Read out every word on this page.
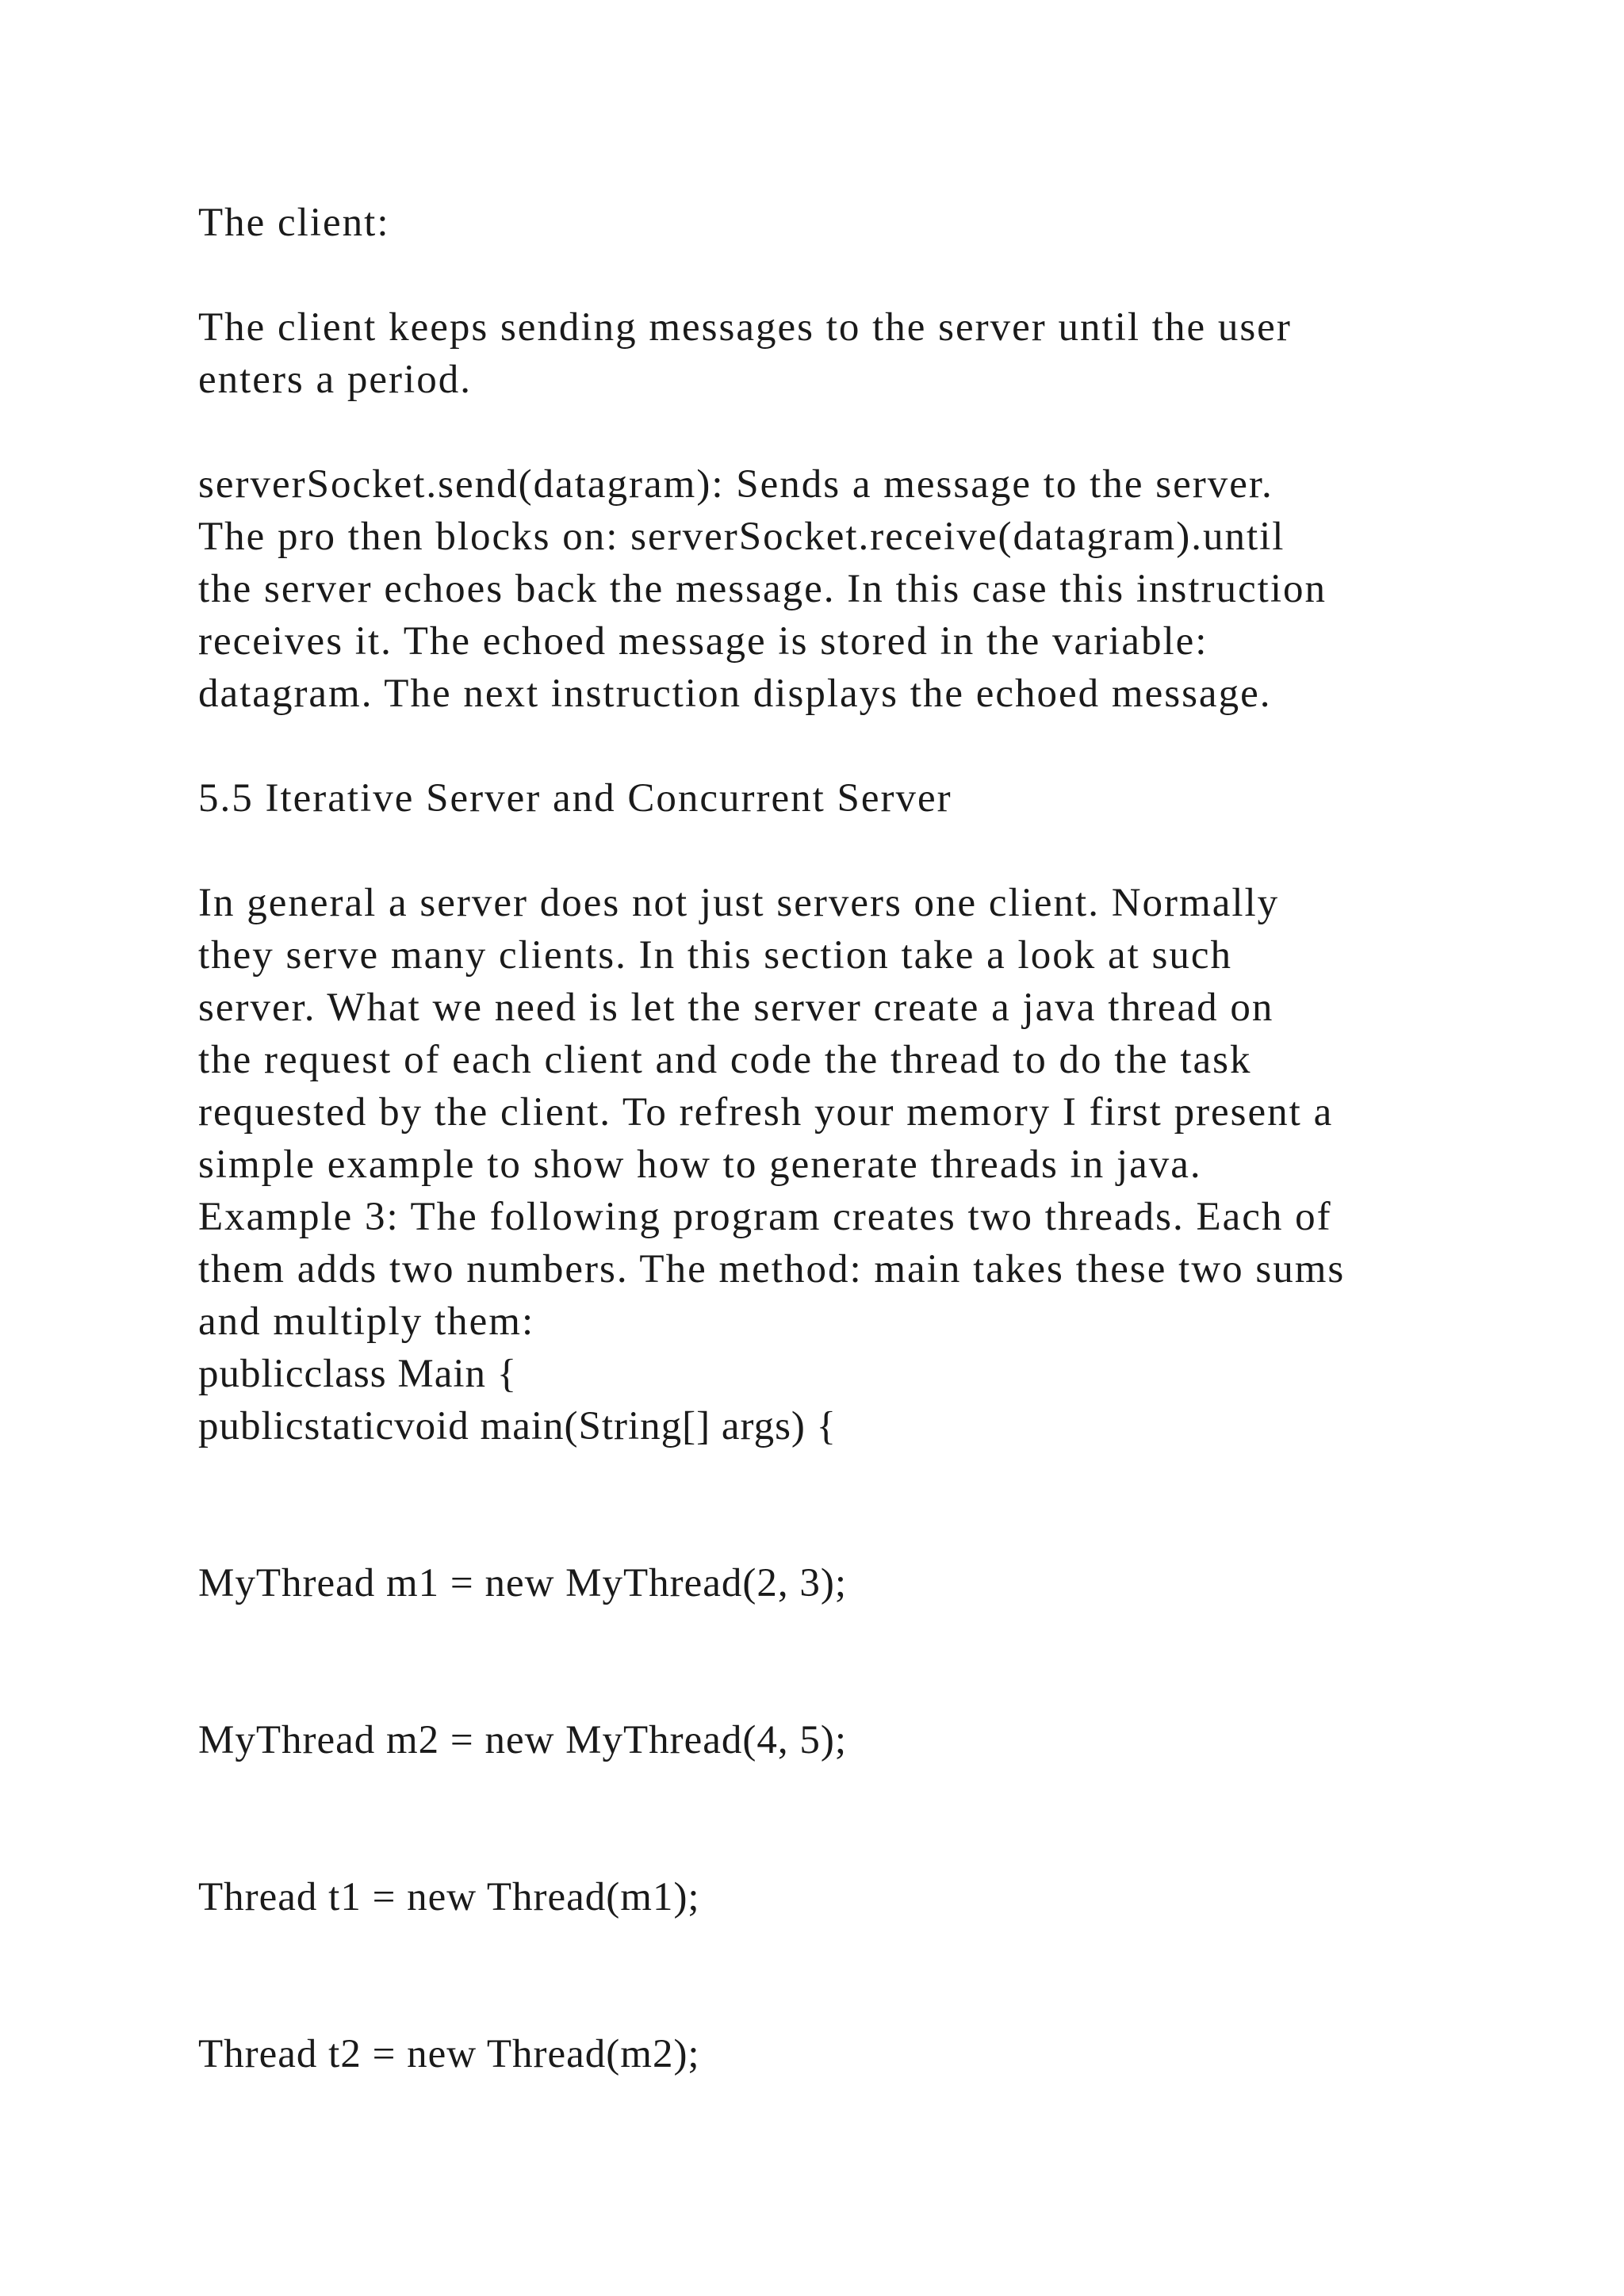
The client:

The client keeps sending messages to the server until the user

enters a period.

serverSocket.send(datagram): Sends a message to the server.

The pro then blocks on: serverSocket.receive(datagram).until

the server echoes back the message. In this case this instruction

receives it. The echoed message is stored in the variable:

datagram. The next instruction displays the echoed message.

5.5 Iterative Server and Concurrent Server

In general a server does not just servers one client. Normally

they serve many clients. In this section take a look at such

server. What we need is let the server create a java thread on

the request of each client and code the thread to do the task

requested by the client. To refresh your memory I first present a

simple example to show how to generate threads in java.

Example 3: The following program creates two threads. Each of

them adds two numbers. The method: main takes these two sums

and multiply them:

publicclass Main {

publicstaticvoid main(String[] args) {

MyThread m1 = new MyThread(2, 3);

MyThread m2 = new MyThread(4, 5);

Thread t1 = new Thread(m1);

Thread t2 = new Thread(m2);
